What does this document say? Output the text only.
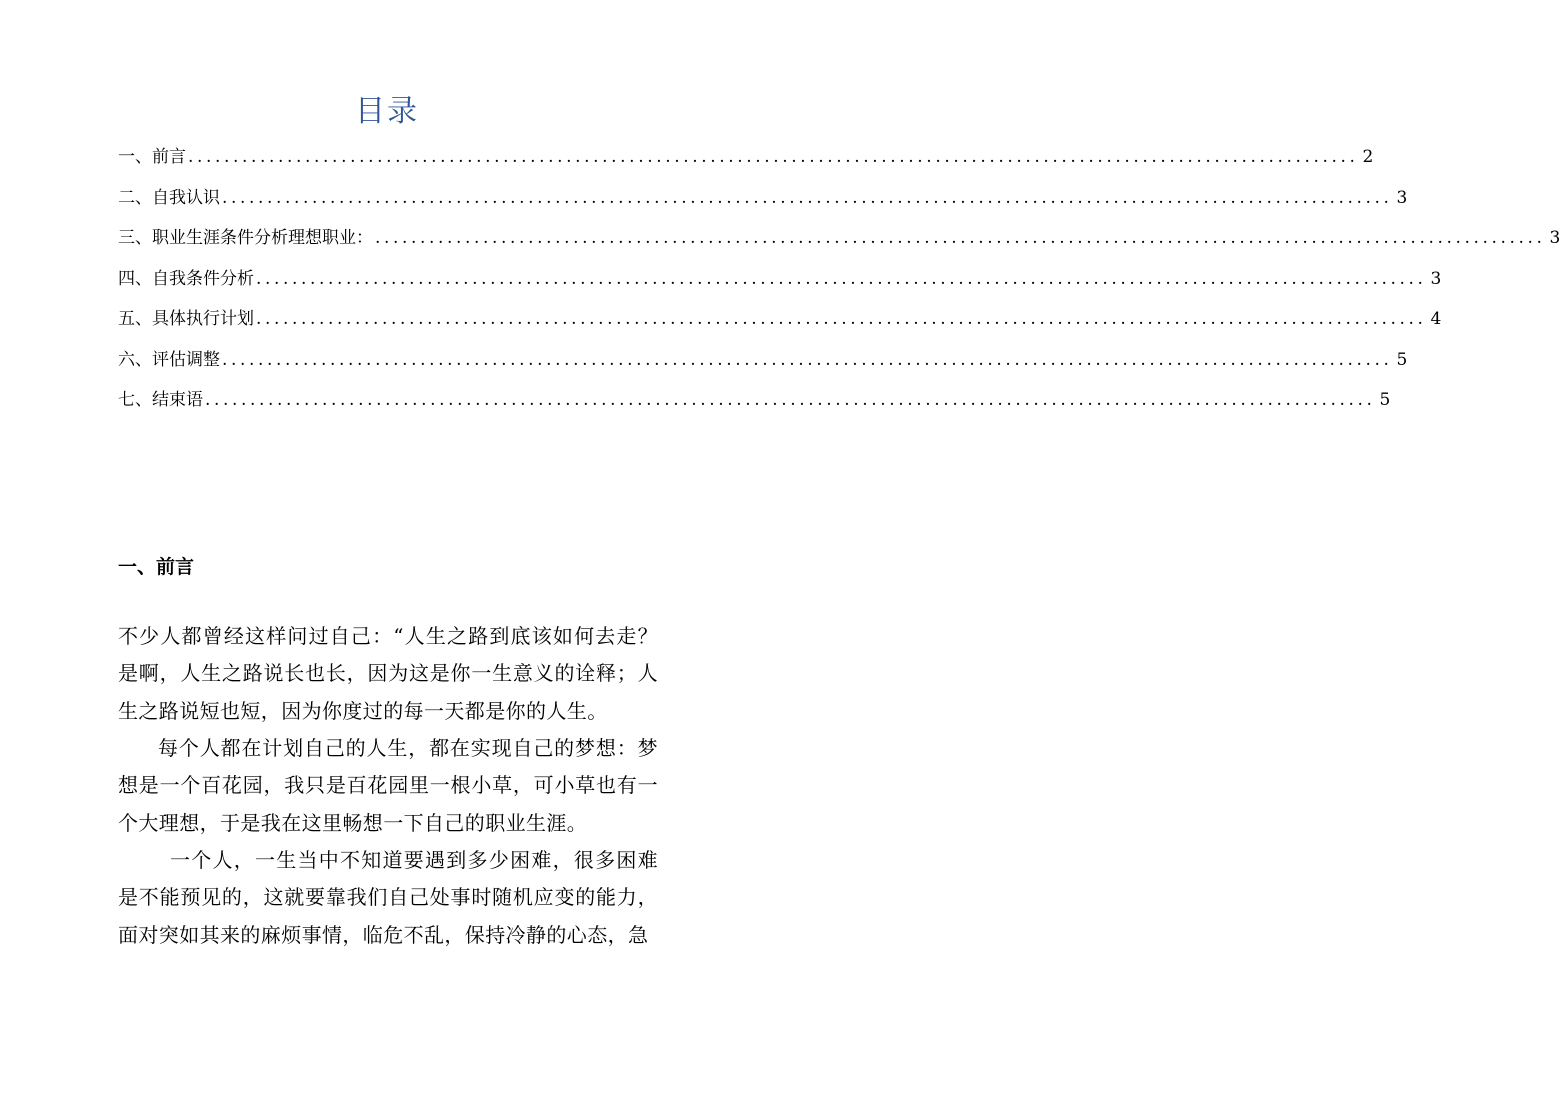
目录
一、前言 .................................................................................................................................. 2
二、自我认识 .................................................................................................................................. 3
三、职业生涯条件分析理想职业： .................................................................................................................................. 3
四、自我条件分析 .................................................................................................................................. 3
五、具体执行计划 .................................................................................................................................. 4
六、评估调整 .................................................................................................................................. 5
七、结束语 .................................................................................................................................. 5
一、前言

不少人都曾经这样问过自己：“人生之路到底该如何去走？是啊，人生之路说长也长，因为这是你一生意义的诠释；人生之路说短也短，因为你度过的每一天都是你的人生。

每个人都在计划自己的人生，都在实现自己的梦想：梦想是一个百花园，我只是百花园里一根小草，可小草也有一个大理想，于是我在这里畅想一下自己的职业生涯。

一个人，一生当中不知道要遇到多少困难，很多困难是不能预见的，这就要靠我们自己处事时随机应变的能力，面对突如其来的麻烦事情，临危不乱，保持冷静的心态，急
